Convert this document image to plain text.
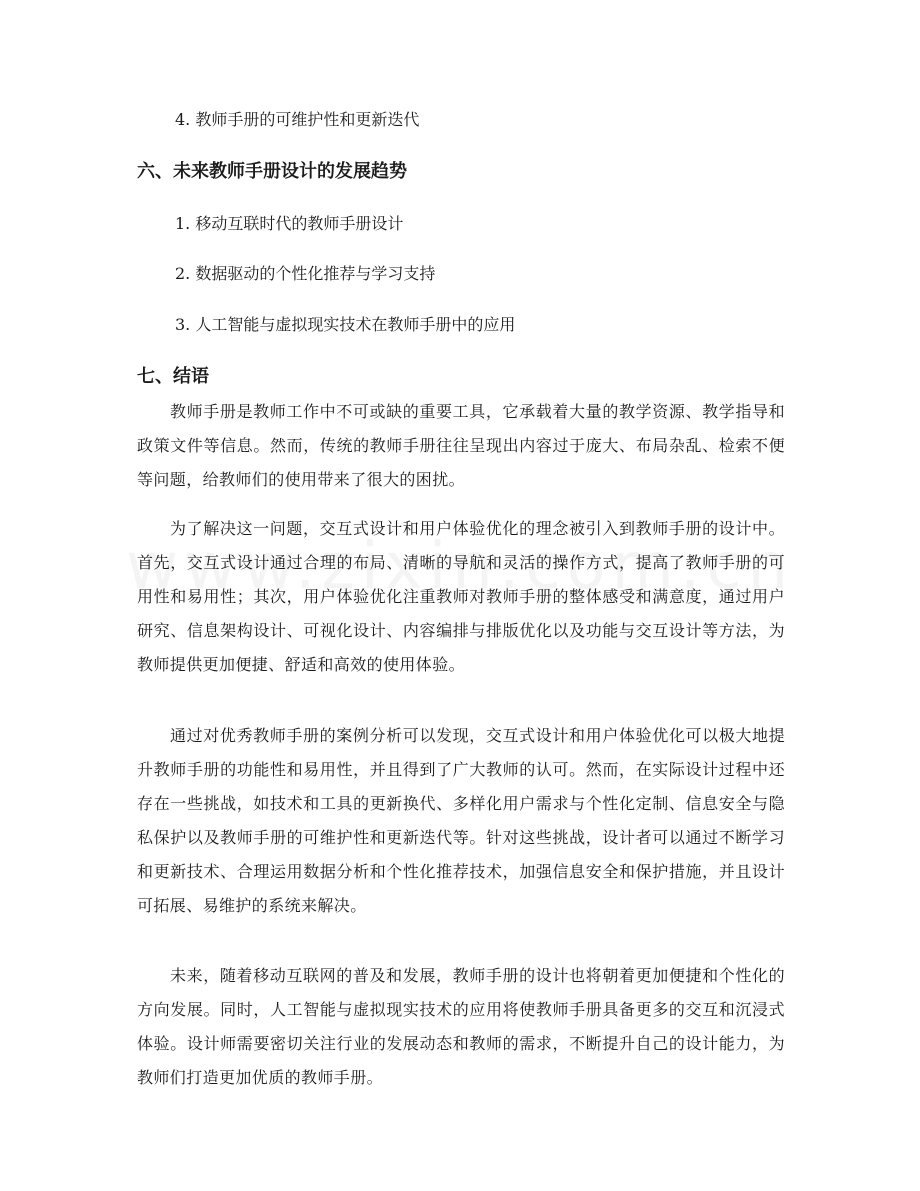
4. 教师手册的可维护性和更新迭代
六、未来教师手册设计的发展趋势
1. 移动互联时代的教师手册设计
2. 数据驱动的个性化推荐与学习支持
3. 人工智能与虚拟现实技术在教师手册中的应用
七、结语

教师手册是教师工作中不可或缺的重要工具，它承载着大量的教学资源、教学指导和政策文件等信息。然而，传统的教师手册往往呈现出内容过于庞大、布局杂乱、检索不便等问题，给教师们的使用带来了很大的困扰。

为了解决这一问题，交互式设计和用户体验优化的理念被引入到教师手册的设计中。首先，交互式设计通过合理的布局、清晰的导航和灵活的操作方式，提高了教师手册的可用性和易用性；其次，用户体验优化注重教师对教师手册的整体感受和满意度，通过用户研究、信息架构设计、可视化设计、内容编排与排版优化以及功能与交互设计等方法，为教师提供更加便捷、舒适和高效的使用体验。

通过对优秀教师手册的案例分析可以发现，交互式设计和用户体验优化可以极大地提升教师手册的功能性和易用性，并且得到了广大教师的认可。然而，在实际设计过程中还存在一些挑战，如技术和工具的更新换代、多样化用户需求与个性化定制、信息安全与隐私保护以及教师手册的可维护性和更新迭代等。针对这些挑战，设计者可以通过不断学习和更新技术、合理运用数据分析和个性化推荐技术，加强信息安全和保护措施，并且设计可拓展、易维护的系统来解决。

未来，随着移动互联网的普及和发展，教师手册的设计也将朝着更加便捷和个性化的方向发展。同时，人工智能与虚拟现实技术的应用将使教师手册具备更多的交互和沉浸式体验。设计师需要密切关注行业的发展动态和教师的需求，不断提升自己的设计能力，为教师们打造更加优质的教师手册。
